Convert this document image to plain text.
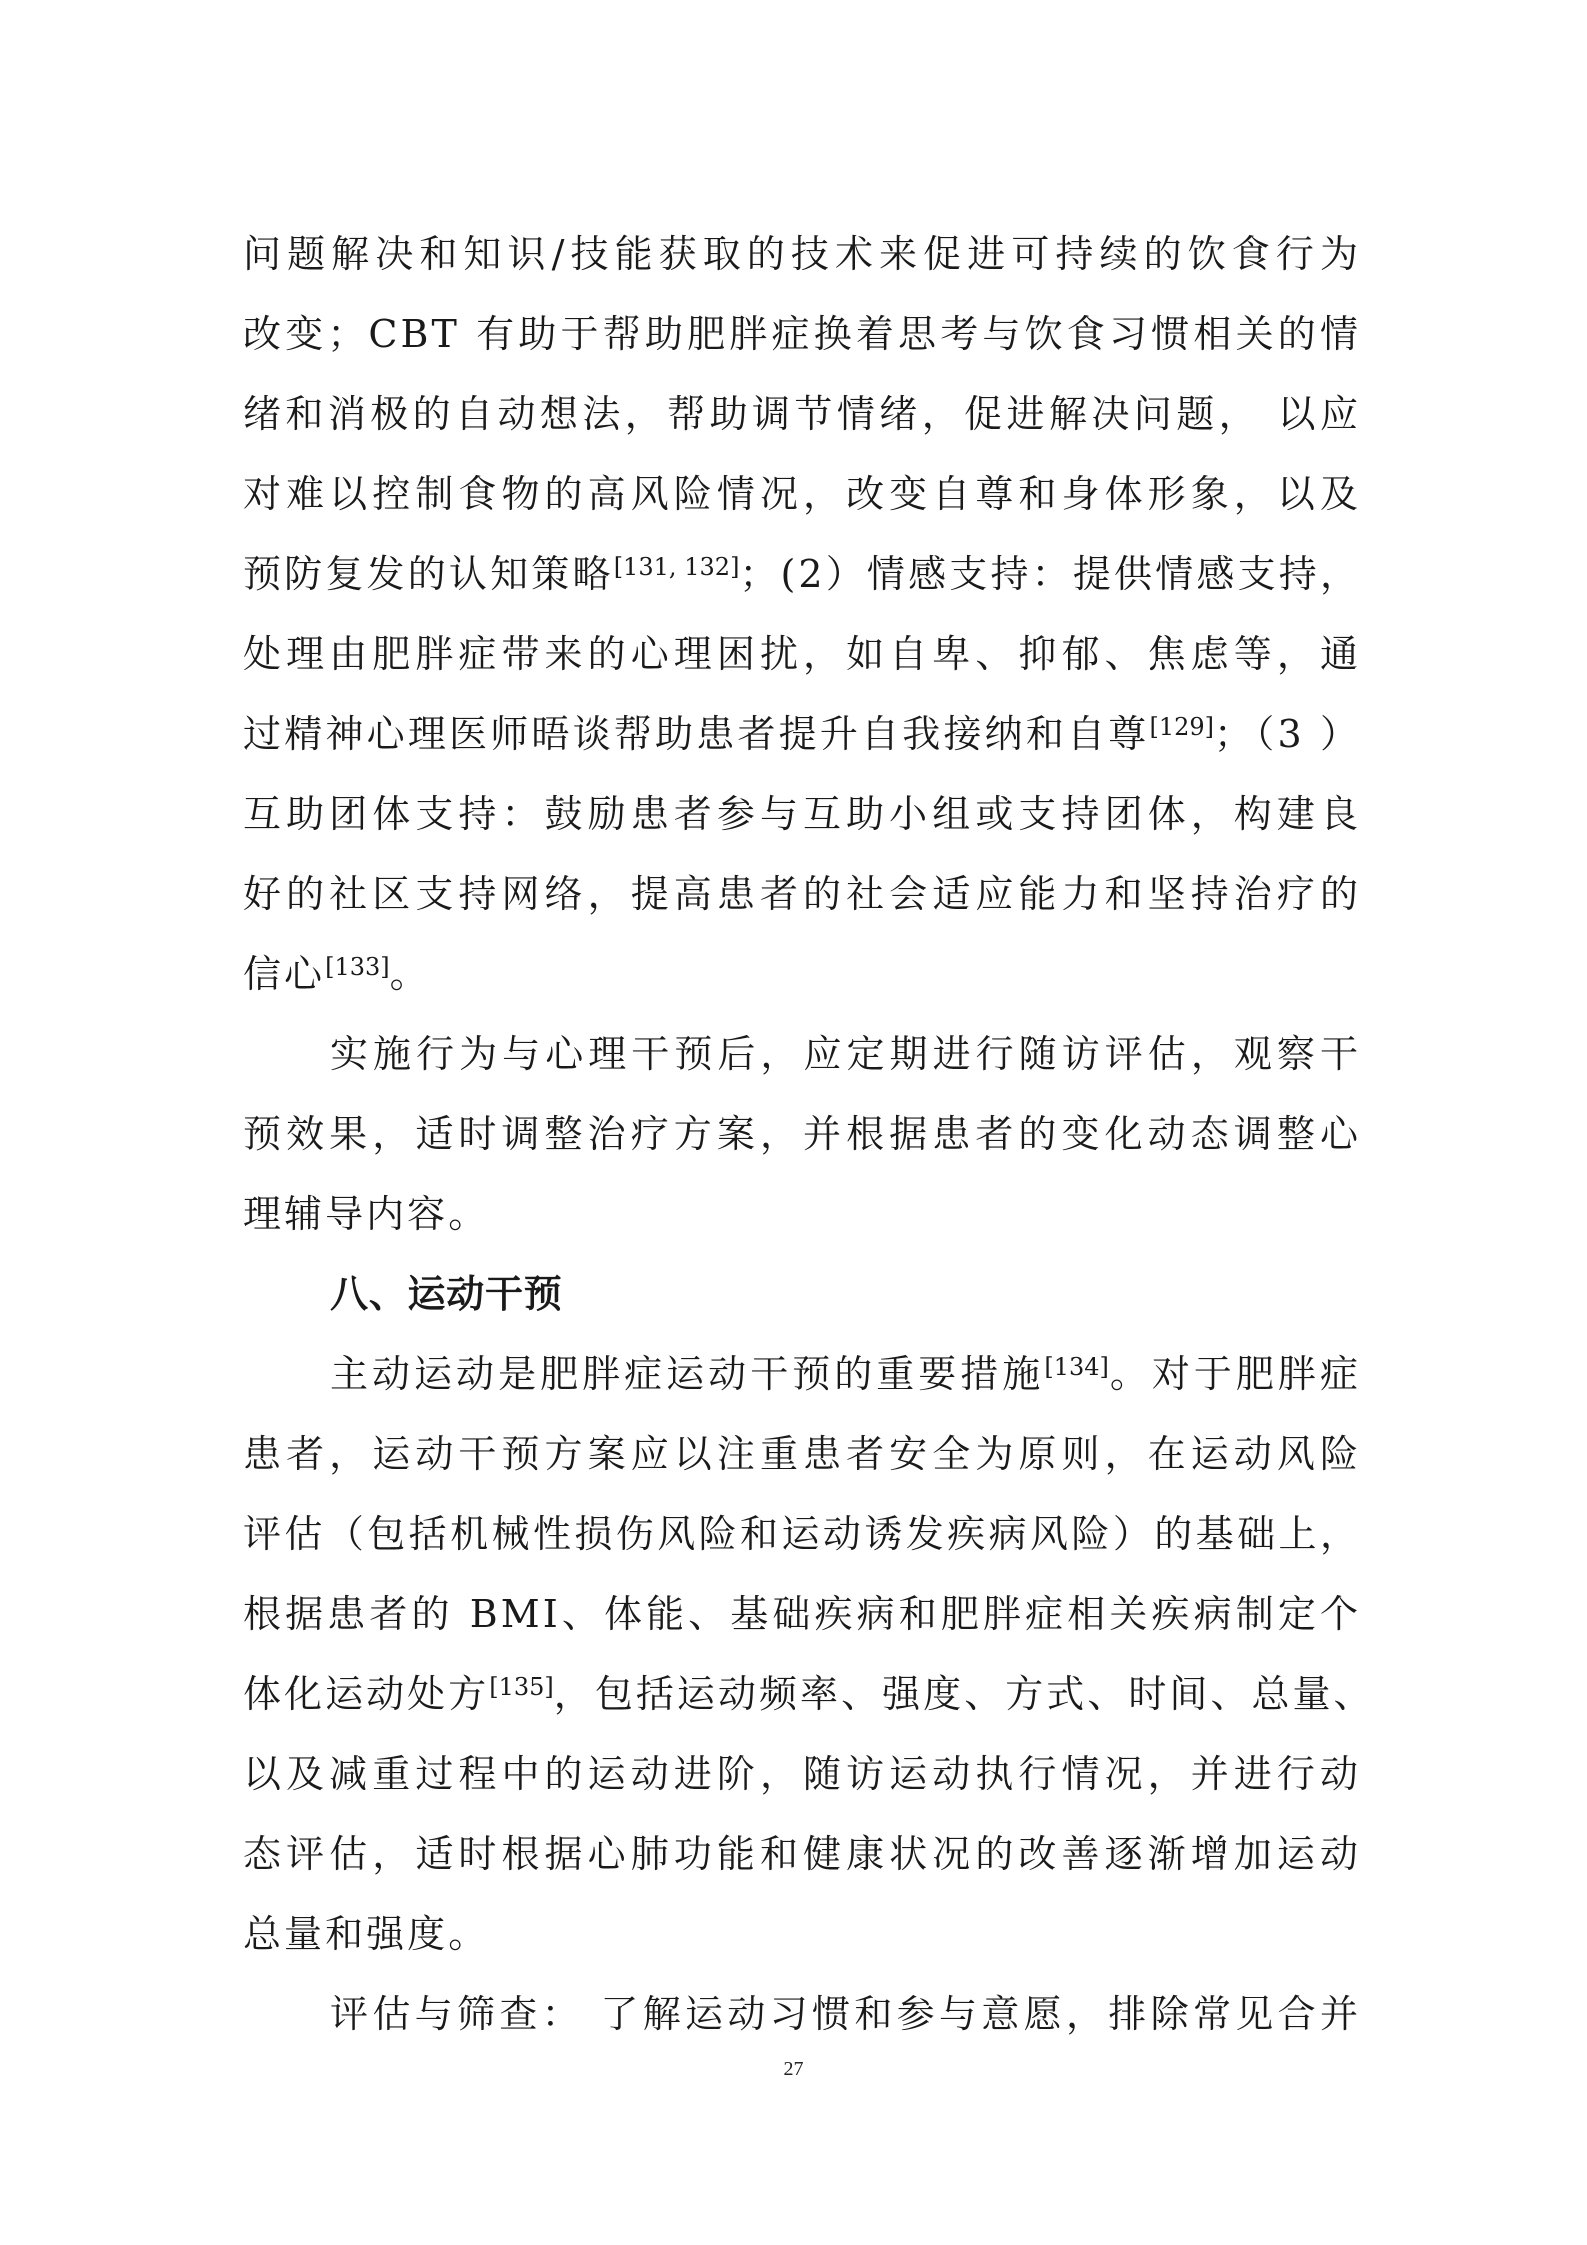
问题解决和知识/技能获取的技术来促进可持续的饮食行为
改变；CBT 有助于帮助肥胖症换着思考与饮食习惯相关的情
绪和消极的自动想法，帮助调节情绪，促进解决问题， 以应
对难以控制食物的高风险情况，改变自尊和身体形象，以及
预防复发的认知策略[131, 132]；(2）情感支持：提供情感支持，
处理由肥胖症带来的心理困扰，如自卑、抑郁、焦虑等，通
过精神心理医师晤谈帮助患者提升自我接纳和自尊[129]；（3 ）
互助团体支持：鼓励患者参与互助小组或支持团体，构建良
好的社区支持网络，提高患者的社会适应能力和坚持治疗的
信心[133]。
实施行为与心理干预后，应定期进行随访评估，观察干
预效果，适时调整治疗方案，并根据患者的变化动态调整心
理辅导内容。
八、运动干预
主动运动是肥胖症运动干预的重要措施[134]。对于肥胖症
患者，运动干预方案应以注重患者安全为原则，在运动风险
评估（包括机械性损伤风险和运动诱发疾病风险）的基础上，
根据患者的 BMI、体能、基础疾病和肥胖症相关疾病制定个
体化运动处方[135]，包括运动频率、强度、方式、时间、总量、
以及减重过程中的运动进阶，随访运动执行情况，并进行动
态评估，适时根据心肺功能和健康状况的改善逐渐增加运动
总量和强度。
评估与筛查： 了解运动习惯和参与意愿，排除常见合并
27
